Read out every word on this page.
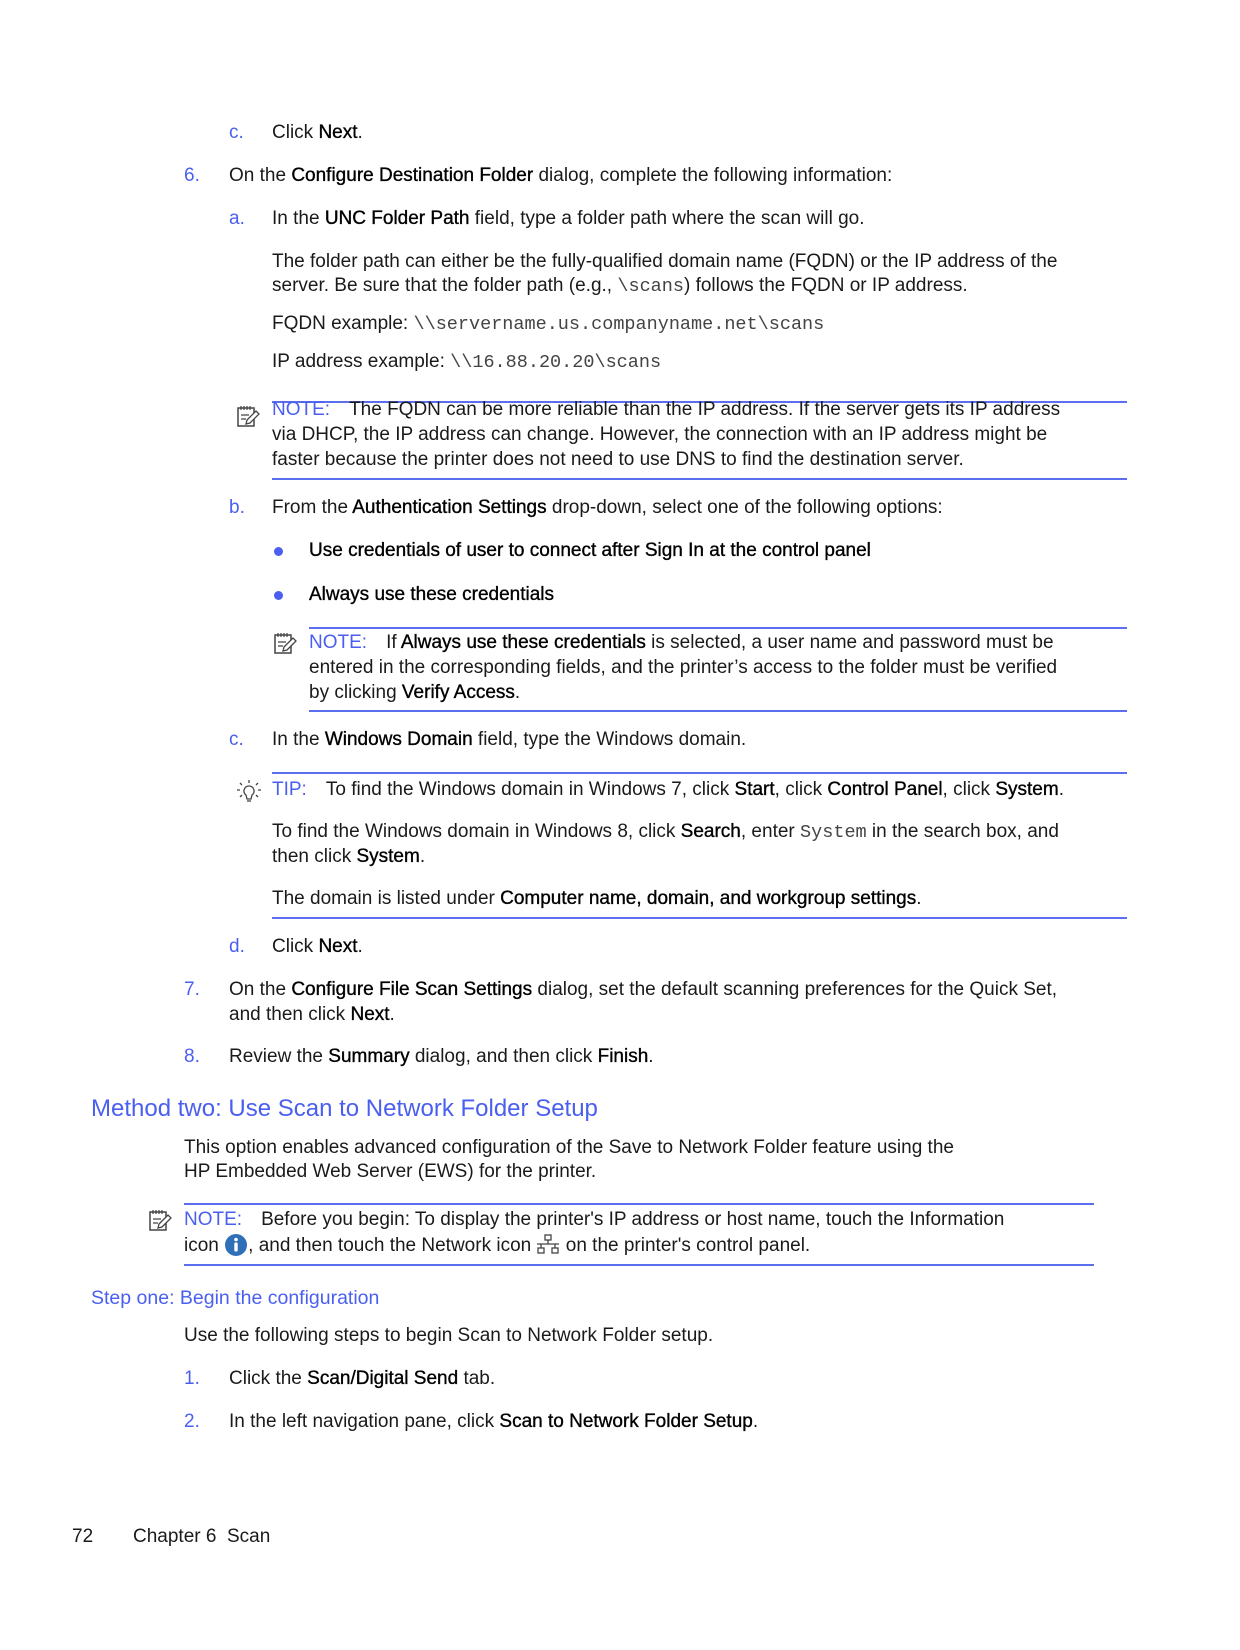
c. Click Next.
6. On the Configure Destination Folder dialog, complete the following information:
a. In the UNC Folder Path field, type a folder path where the scan will go.
The folder path can either be the fully-qualified domain name (FQDN) or the IP address of the
server. Be sure that the folder path (e.g., \scans) follows the FQDN or IP address.
FQDN example: \\servername.us.companyname.net\scans
IP address example: \\16.88.20.20\scans
NOTE: The FQDN can be more reliable than the IP address. If the server gets its IP address
via DHCP, the IP address can change. However, the connection with an IP address might be
faster because the printer does not need to use DNS to find the destination server.
b. From the Authentication Settings drop-down, select one of the following options:
Use credentials of user to connect after Sign In at the control panel
Always use these credentials
NOTE: If Always use these credentials is selected, a user name and password must be
entered in the corresponding fields, and the printer’s access to the folder must be verified
by clicking Verify Access.
c. In the Windows Domain field, type the Windows domain.
TIP: To find the Windows domain in Windows 7, click Start, click Control Panel, click System.
To find the Windows domain in Windows 8, click Search, enter System in the search box, and
then click System.
The domain is listed under Computer name, domain, and workgroup settings.
d. Click Next.
7. On the Configure File Scan Settings dialog, set the default scanning preferences for the Quick Set,
and then click Next.
8. Review the Summary dialog, and then click Finish.
Method two: Use Scan to Network Folder Setup
This option enables advanced configuration of the Save to Network Folder feature using the
HP Embedded Web Server (EWS) for the printer.
NOTE: Before you begin: To display the printer's IP address or host name, touch the Information
icon , and then touch the Network icon  on the printer's control panel.
Step one: Begin the configuration
Use the following steps to begin Scan to Network Folder setup.
1. Click the Scan/Digital Send tab.
2. In the left navigation pane, click Scan to Network Folder Setup.
72 Chapter 6  Scan
